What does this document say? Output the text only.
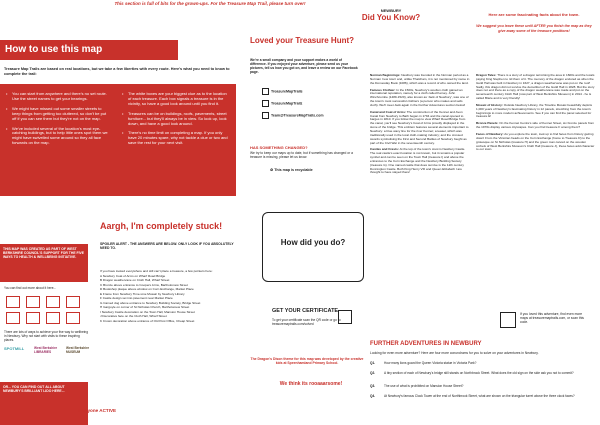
This section is full of bits for the grown-ups. For the Treasure Map Trail, please turn over!
How to use this map
Treasure Map Trails are based on real locations, but we take a few liberties with every route. Here's what you need to know to complete the trail:
• You can start from anywhere and there's no set route. Use the street names to get your bearings.
• We might have missed out some smaller streets to keep things from getting too cluttered, so don't be put off if you can see them but they're not on the map.
• We've included several of the location's most eye-catching buildings, but to help little ones spot them we might have swivelled some around so they all face forwards on the map.
• The white boxes are your biggest clue as to the location of each treasure. Each box signals a treasure is in the vicinity, so have a good look around until you find it.
• Treasures can be on buildings, roofs, pavements, street furniture... but they'll always be in view. So look up, look down, and have a good look around.
• There's no time limit on completing a map. If you only have 20 minutes spare, why not tackle a clue or two and save the rest for your next visit.
THIS MAP WAS CREATED AS PART OF WEST BERKSHIRE COUNCIL'S SUPPORT FOR THE FIVE WAYS TO HEALTH & WELLBEING INITIATIVE.
You can find out more about it here...
There are lots of ways to achieve your five way to wellbeing in Newbury. Why not start with visits to these inspiring places.
SPOTMILL	West Berkshire LIBRARIES
West Berkshire MUSEUM
OR... YOU CAN FIND OUT ALL ABOUT NEWBURY'S BRILLIANT LIDO HERE...
everyone ACTIVE
Loved your Treasure Hunt?
We're a small company and your support makes a world of difference. If you enjoyed your adventure, please send us your pictures, tell us how you got on, and leave a review on our Facebook page.
TreasureMapTrails
TreasureMapTrailz
Team@TreasureMapTrails.com
HAS SOMETHING CHANGED?
We try to keep our maps up to date, but if something has changed or a treasure is missing, please let us know.
♻ This map is recyclable
Aargh, I'm completely stuck!
SPOILER ALERT - THE ANSWERS ARE BELOW. ONLY LOOK IF YOU ABSOLUTELY NEED TO.
If you have looked everywhere and still can't place a treasure, a few pointers here:
A Newbury Coat of Arms on Wharf Road Bridge
B Dragon weathervane on Cloth Hall, Wharf Street
C Bronze above entrance to Coopers Arms, Bartholomew Street
D Bookshop plaque above window on Corn Exchange, Market Place
E Frame from Newbury Time-Line Mosaic by Newbury Library
F Castle design set into pavement near Market Place
G Carved dog above entrance to Newbury Building Society, Bridge Street
H Gargoyle on corner of St Nicholas Church, Bartholomew Street
I Newbury Castle decoration on the Town Hall, Mansion House Street
J Decorative face on the Cloth Hall, Wharf Street
K Crown decoration above entrance of Old Post Office, Cheap Street
How did you do?
GET YOUR CERTIFICATE
To get your certificate scan the QR code or go to: treasuremaptrails.com/solved
The Dragon's Dison theme for this map was developed by the creative kids at Speenhamland Primary School.
We think its rooaaarsome!
NEWBURY
Did You Know?

Norman Beginnings: Newbury was founded in the Norman period as a Norman 'new town' and, unlike Thatcham, it is not mentioned by name in the Domesday Book (1086), which was a record of who owned the land.

Famous Clothier: In the 1500s, Newbury's woollen cloth gained an international reputation, namely for a cloth called Kersey. John Winchcombe (1489-1520), also known as 'Jack of Newbury', was one of the town's most successful clothiers (a person who makes and sells cloth). We'll meet Jack again in the Further Adventures section below!

Canal and Coat of Arms: The construction of the Kennet and Avon Canal from Newbury to Bath began in 1794 and the canal opened to barges in 1810. If you follow the map to view Wharf Road Bridge from the canal, you'll see Newbury's Coat of Arms proudly displayed in the stone of the bridge. This emblem features several elements important to Newbury: a blue wavy line for the river Kennet; a teasel, which was traditionally used in the local cloth-making industry; and the crossed swords symbolising the First and Second Battles of Newbury fought as part of the Civil War in the seventeenth century.

Castles and Crests: At the top of the town's crest is Newbury Castle. The real castle's exact location is not known, but it remains a popular symbol and can be seen on the Town Hall (treasure I) and above the entrances to the Corn Exchange and the Newbury Building Society (treasure G). One named castle that does survive is the 12th century Donnington Castle. Both King Henry VIII and Queen Elizabeth I are thought to have stayed there!

Here are some fascinating facts about the town.
We suggest you leave these until AFTER you finish the map as they give away some of the treasure positions!

Dragon Tales: There is a story of a dragon terrorising the area in 1600s and the locals paying King Stephen to rid them of it. The memory of the dragon endured as when the Guild Hall was built in Newbury in 1627, a dragon weathervane was put on the roof! Sadly, this dragon did not survive the demolition of the Guild Hall in 1828. But the story does not end there as a copy of the dragon weathervane was made and put on the seventeenth century Cloth Hall (now part of West Berkshire Museum) in 2014 - he is called Blaze and is very friendly!

Mosaic of History: Outside Newbury Library, the Timeline Mosaic beautifully depicts 1,000 years of Newbury's fascinating history in 12 panels, stretching from the town's beginnings to more modern achievements. See if you can find the panel selected for treasure E!

Bronze Panels: On the Kennet Centre's side of Kennet Street, six bronze panels from the 1970s display various cityscapes. Can you find treasure F among them?

Faces of Newbury: As you explore the town, look up to find faces from history gazing down! From the Victorian heads on the Corn Exchange (home to Treasure D) to the grotesque on St Nicholas (treasure H) and the green man carved on the wooden corbels of West Berkshire Museum's Cloth Hall (treasure J), these faces add character to our town.

If you loved this adventure, find even more maps at treasuremaptrails.com, or scan this code.
FURTHER ADVENTURES IN NEWBURY
Looking for even more adventure? Here are four more conundrums for you to solve on your adventures in Newbury.
Q1.	How many lions guard the Queen Victoria statue in Victoria Park?
Q2.	A tiny section of each of Newbury's bridge still stands on Northbrook Street. What does the old sign on the side ask you not to commit?
Q3.	The use of what is prohibited on Mansion House Street?
Q4.	At Newbury's famous Clock Tower at the end of Northbrook Street, what are shown on the triangular turret above the three clock faces?
